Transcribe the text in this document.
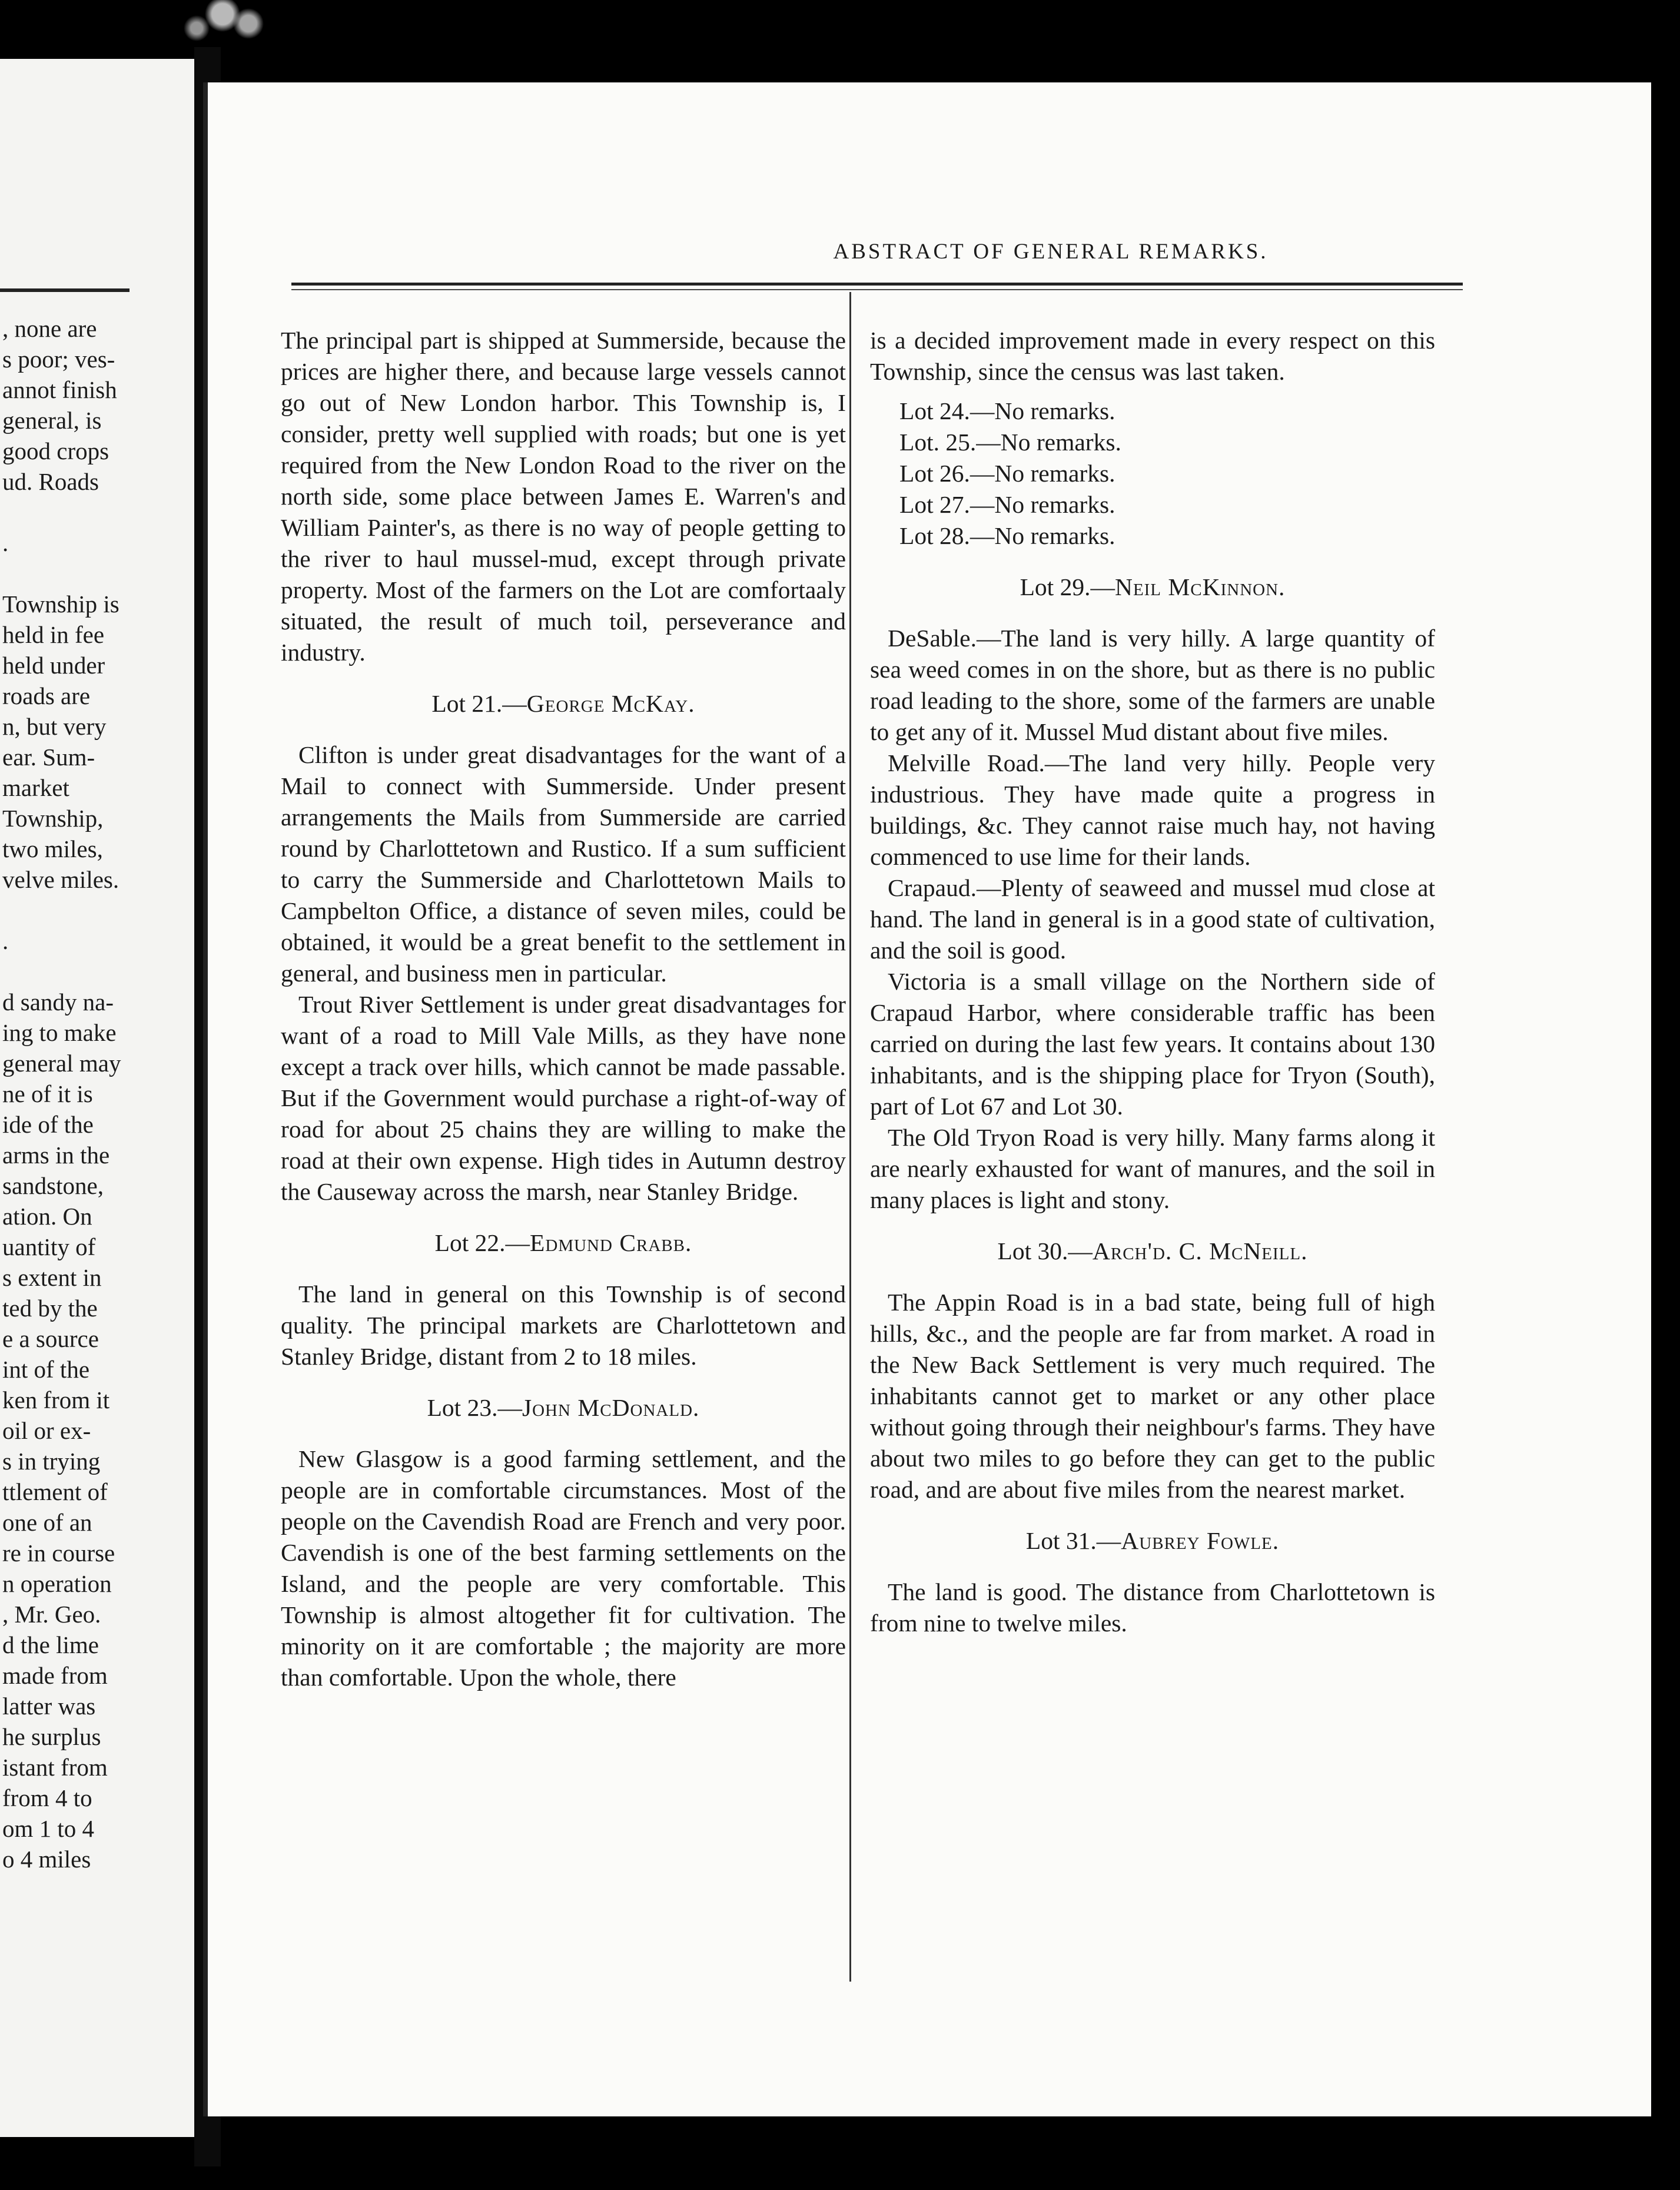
, none are
s poor; ves-
annot finish
general, is
good crops
ud. Roads
.
Township is
held in fee
held under
roads are
n, but very
ear. Sum-
market
Township,
two miles,
velve miles.
.
d sandy na-
ing to make
general may
ne of it is
ide of the
arms in the
sandstone,
ation. On
uantity of
s extent in
ted by the
e a source
int of the
ken from it
oil or ex-
s in trying
ttlement of
one of an
re in course
n operation
, Mr. Geo.
d the lime
made from
latter was
he surplus
istant from
from 4 to
om 1 to 4
o 4 miles
ABSTRACT OF GENERAL REMARKS.

The principal part is shipped at Summerside, because the prices are higher there, and because large vessels cannot go out of New London harbor. This Township is, I consider, pretty well supplied with roads; but one is yet required from the New London Road to the river on the north side, some place between James E. Warren's and William Painter's, as there is no way of people getting to the river to haul mussel-mud, except through private property. Most of the farmers on the Lot are comfortaaly situated, the result of much toil, perseverance and industry.

Lot 21.—George McKay.

Clifton is under great disadvantages for the want of a Mail to connect with Summerside. Under present arrangements the Mails from Summerside are carried round by Charlottetown and Rustico. If a sum sufficient to carry the Summerside and Charlottetown Mails to Campbelton Office, a distance of seven miles, could be obtained, it would be a great benefit to the settlement in general, and business men in particular.

Trout River Settlement is under great disadvantages for want of a road to Mill Vale Mills, as they have none except a track over hills, which cannot be made passable. But if the Government would purchase a right-of-way of road for about 25 chains they are willing to make the road at their own expense. High tides in Autumn destroy the Causeway across the marsh, near Stanley Bridge.

Lot 22.—Edmund Crabb.

The land in general on this Township is of second quality. The principal markets are Charlottetown and Stanley Bridge, distant from 2 to 18 miles.

Lot 23.—John McDonald.

New Glasgow is a good farming settlement, and the people are in comfortable circumstances. Most of the people on the Cavendish Road are French and very poor. Cavendish is one of the best farming settlements on the Island, and the people are very comfortable. This Township is almost altogether fit for cultivation. The minority on it are comfortable ; the majority are more than comfortable. Upon the whole, there

is a decided improvement made in every respect on this Township, since the census was last taken.

Lot 24.—No remarks.

Lot. 25.—No remarks.

Lot 26.—No remarks.

Lot 27.—No remarks.

Lot 28.—No remarks.

Lot 29.—Neil McKinnon.

DeSable.—The land is very hilly. A large quantity of sea weed comes in on the shore, but as there is no public road leading to the shore, some of the farmers are unable to get any of it. Mussel Mud distant about five miles.

Melville Road.—The land very hilly. People very industrious. They have made quite a progress in buildings, &c. They cannot raise much hay, not having commenced to use lime for their lands.

Crapaud.—Plenty of seaweed and mussel mud close at hand. The land in general is in a good state of cultivation, and the soil is good.

Victoria is a small village on the Northern side of Crapaud Harbor, where considerable traffic has been carried on during the last few years. It contains about 130 inhabitants, and is the shipping place for Tryon (South), part of Lot 67 and Lot 30.

The Old Tryon Road is very hilly. Many farms along it are nearly exhausted for want of manures, and the soil in many places is light and stony.

Lot 30.—Arch'd. C. McNeill.

The Appin Road is in a bad state, being full of high hills, &c., and the people are far from market. A road in the New Back Settlement is very much required. The inhabitants cannot get to market or any other place without going through their neighbour's farms. They have about two miles to go before they can get to the public road, and are about five miles from the nearest market.

Lot 31.—Aubrey Fowle.

The land is good. The distance from Charlottetown is from nine to twelve miles.
